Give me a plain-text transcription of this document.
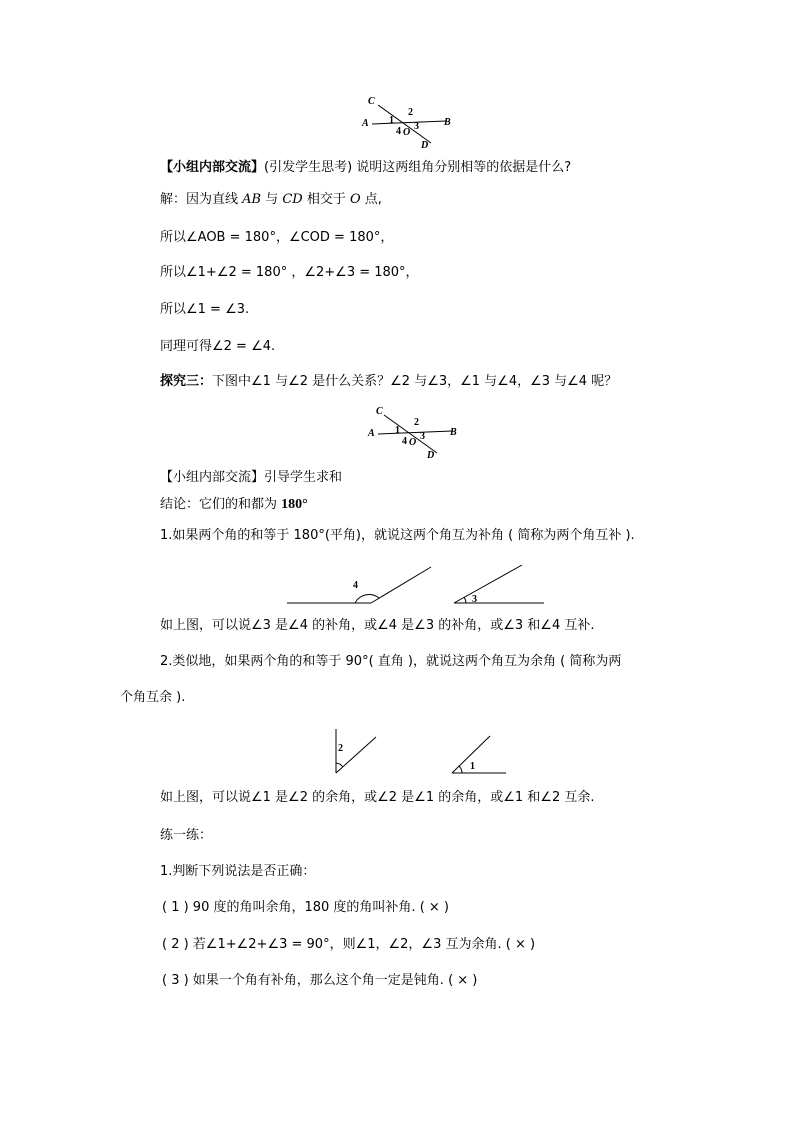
C
A	B
D
2
1
3
4 O
【小组内部交流】(引发学生思考) 说明这两组角分别相等的依据是什么?
解：因为直线 AB 与 CD 相交于 O 点,
所以∠AOB = 180°，∠COD = 180°，
所以∠1+∠2 = 180° ，∠2+∠3 = 180°，
所以∠1 = ∠3.
同理可得∠2 = ∠4.
探究三：下图中∠1 与∠2 是什么关系？∠2 与∠3，∠1 与∠4，∠3 与∠4 呢？
C
A	B
D
2
1
3
4 O
【小组内部交流】引导学生求和
结论：它们的和都为 180°
1.如果两个角的和等于 180°(平角)，就说这两个角互为补角 ( 简称为两个角互补 ).
4
3
如上图，可以说∠3 是∠4 的补角，或∠4 是∠3 的补角，或∠3 和∠4 互补.
2.类似地，如果两个角的和等于 90°( 直角 )，就说这两个角互为余角 ( 简称为两
个角互余 ).
2
1
如上图，可以说∠1 是∠2 的余角，或∠2 是∠1 的余角，或∠1 和∠2 互余.
练一练：
1.判断下列说法是否正确：
( 1 ) 90 度的角叫余角，180 度的角叫补角. ( × )
( 2 ) 若∠1+∠2+∠3 = 90°，则∠1，∠2，∠3 互为余角. ( × )
( 3 ) 如果一个角有补角，那么这个角一定是钝角. ( × )
